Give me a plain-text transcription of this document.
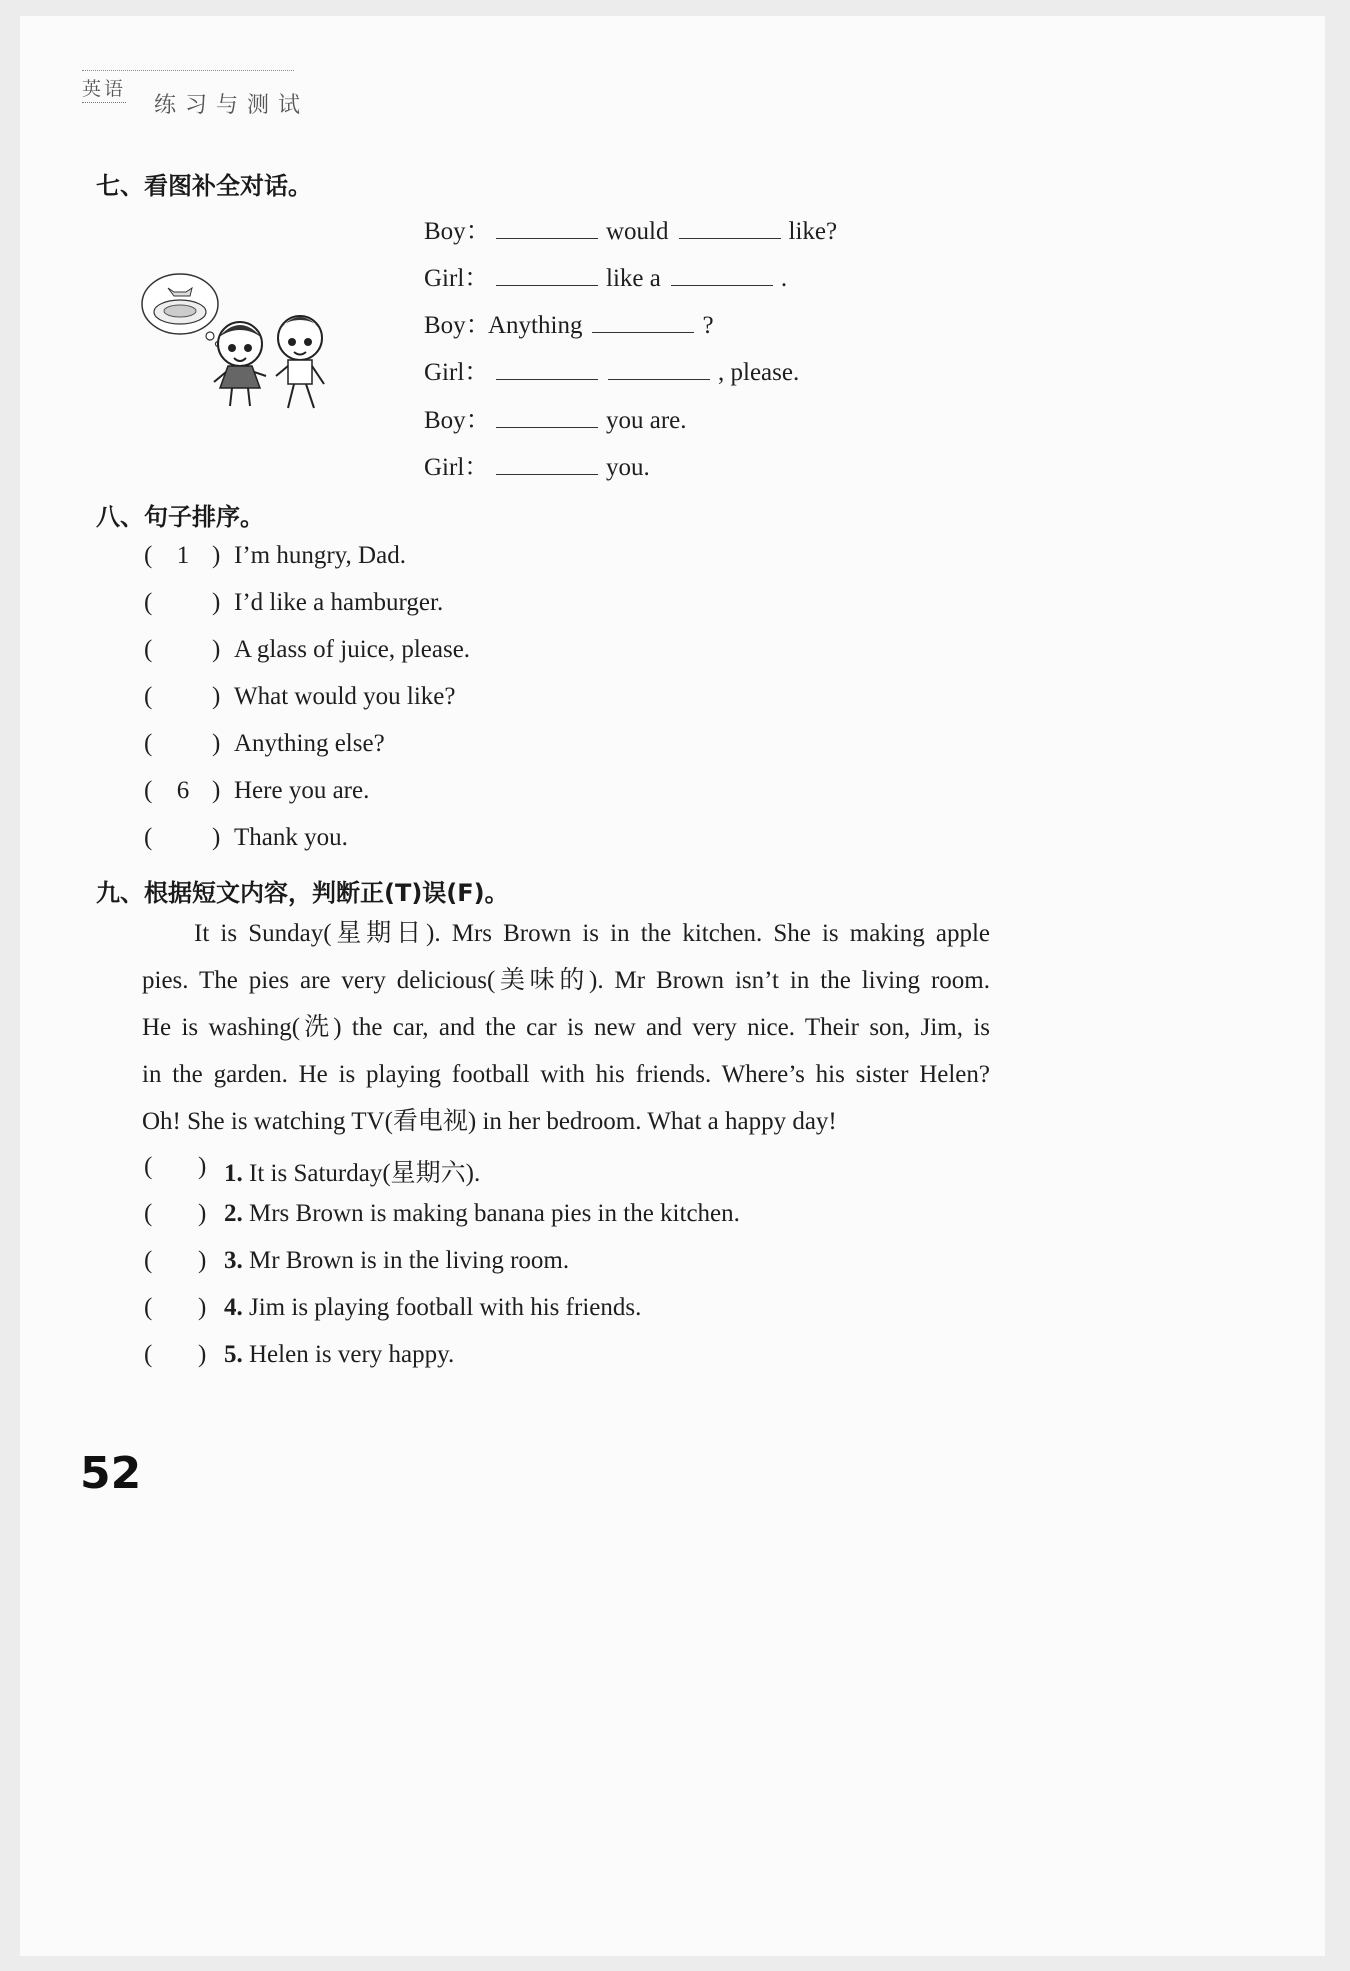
英语
练习与测试
七、看图补全对话。
Boy：	would	like?
Girl：	like a	.
Boy：Anything	?
Girl：	, please.
Boy：	you are.
Girl：	you.
八、句子排序。
( 1 ) I’m hungry, Dad.
( ) I’d like a hamburger.
( ) A glass of juice, please.
( ) What would you like?
( ) Anything else?
( 6 ) Here you are.
( ) Thank you.
九、根据短文内容，判断正(T)误(F)。
It is Sunday(星期日). Mrs Brown is in the kitchen. She is making apple
pies. The pies are very delicious(美味的). Mr Brown isn’t in the living room.
He is washing(洗) the car, and the car is new and very nice. Their son, Jim, is
in the garden. He is playing football with his friends. Where’s his sister Helen?
Oh! She is watching TV(看电视) in her bedroom. What a happy day!
( ) 1. It is Saturday(星期六).
( ) 2. Mrs Brown is making banana pies in the kitchen.
( ) 3. Mr Brown is in the living room.
( ) 4. Jim is playing football with his friends.
( ) 5. Helen is very happy.
52
